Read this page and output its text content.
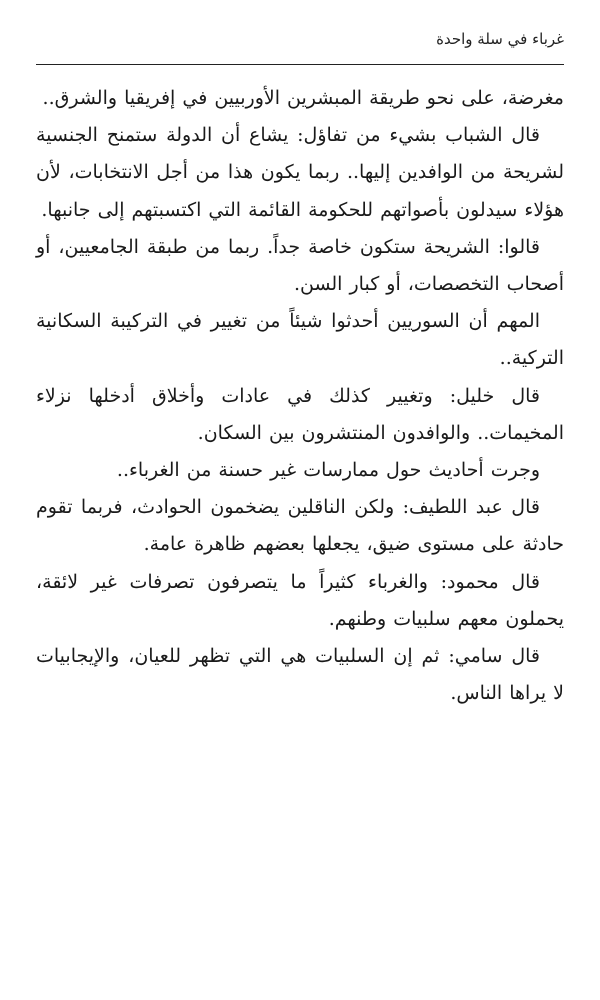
غرباء في سلة واحدة

مغرضة، على نحو طريقة المبشرين الأوربيين في إفريقيا والشرق..

قال الشباب بشيء من تفاؤل: يشاع أن الدولة ستمنح الجنسية لشريحة من الوافدين إليها.. ربما يكون هذا من أجل الانتخابات، لأن هؤلاء سيدلون بأصواتهم للحكومة القائمة التي اكتسبتهم إلى جانبها.

قالوا: الشريحة ستكون خاصة جداً. ربما من طبقة الجامعيين، أو أصحاب التخصصات، أو كبار السن.

المهم أن السوريين أحدثوا شيئاً من تغيير في التركيبة السكانية التركية..

قال خليل: وتغيير كذلك في عادات وأخلاق أدخلها نزلاء المخيمات.. والوافدون المنتشرون بين السكان.

وجرت أحاديث حول ممارسات غير حسنة من الغرباء..

قال عبد اللطيف: ولكن الناقلين يضخمون الحوادث، فربما تقوم حادثة على مستوى ضيق، يجعلها بعضهم ظاهرة عامة.

قال محمود: والغرباء كثيراً ما يتصرفون تصرفات غير لائقة، يحملون معهم سلبيات وطنهم.

قال سامي: ثم إن السلبيات هي التي تظهر للعيان، والإيجابيات لا يراها الناس.
